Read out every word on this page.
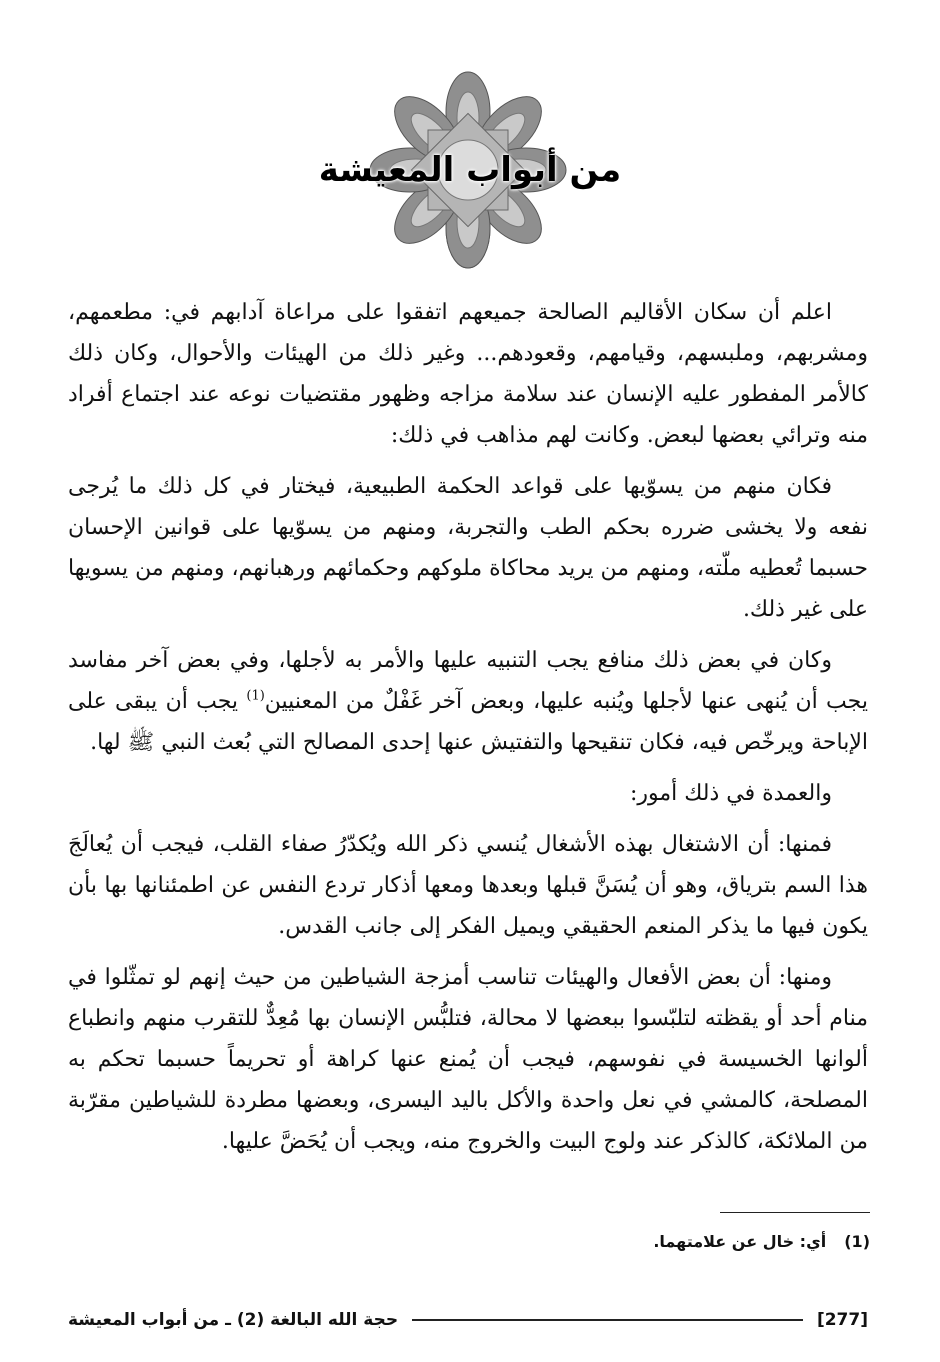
من أبواب المعيشة

اعلم أن سكان الأقاليم الصالحة جميعهم اتفقوا على مراعاة آدابهم في: مطعمهم، ومشربهم، وملبسهم، وقيامهم، وقعودهم... وغير ذلك من الهيئات والأحوال، وكان ذلك كالأمر المفطور عليه الإنسان عند سلامة مزاجه وظهور مقتضيات نوعه عند اجتماع أفراد منه وترائي بعضها لبعض. وكانت لهم مذاهب في ذلك:

فكان منهم من يسوّيها على قواعد الحكمة الطبيعية، فيختار في كل ذلك ما يُرجى نفعه ولا يخشى ضرره بحكم الطب والتجربة، ومنهم من يسوّيها على قوانين الإحسان حسبما تُعطيه ملّته، ومنهم من يريد محاكاة ملوكهم وحكمائهم ورهبانهم، ومنهم من يسويها على غير ذلك.

وكان في بعض ذلك منافع يجب التنبيه عليها والأمر به لأجلها، وفي بعض آخر مفاسد يجب أن يُنهى عنها لأجلها ويُنبه عليها، وبعض آخر غَفْلٌ من المعنيين$^{(1)}$ يجب أن يبقى على الإباحة ويرخّص فيه، فكان تنقيحها والتفتيش عنها إحدى المصالح التي بُعث النبي ﷺ لها.

والعمدة في ذلك أمور:

فمنها: أن الاشتغال بهذه الأشغال يُنسي ذكر الله ويُكدّرُ صفاء القلب، فيجب أن يُعالَجَ هذا السم بترياق، وهو أن يُسَنَّ قبلها وبعدها ومعها أذكار تردع النفس عن اطمئنانها بها بأن يكون فيها ما يذكر المنعم الحقيقي ويميل الفكر إلى جانب القدس.

ومنها: أن بعض الأفعال والهيئات تناسب أمزجة الشياطين من حيث إنهم لو تمثّلوا في منام أحد أو يقظته لتلبّسوا ببعضها لا محالة، فتلبُّس الإنسان بها مُعِدٌّ للتقرب منهم وانطباع ألوانها الخسيسة في نفوسهم، فيجب أن يُمنع عنها كراهة أو تحريماً حسبما تحكم به المصلحة، كالمشي في نعل واحدة والأكل باليد اليسرى، وبعضها مطردة للشياطين مقرّبة من الملائكة، كالذكر عند ولوج البيت والخروج منه، ويجب أن يُحَضَّ عليها.

(1)أي: خال عن علامتهما.
[277]
حجة الله البالغة (2) ـ من أبواب المعيشة
